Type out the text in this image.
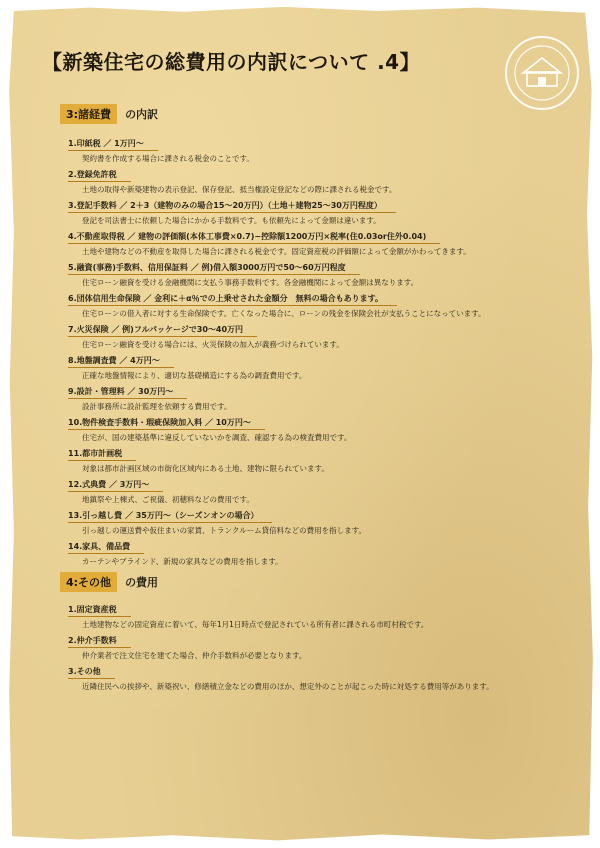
【新築住宅の総費用の内訳について .4】
3:諸経費	の内訳
1.印紙税 ／ 1万円〜
契約書を作成する場合に課される税金のことです。
2.登録免許税
土地の取得や新築建物の表示登記、保存登記、抵当権設定登記などの際に課される税金です。
3.登記手数料 ／ 2＋3（建物のみの場合15〜20万円）（土地＋建物25〜30万円程度）
登記を司法書士に依頼した場合にかかる手数料です。も依頼先によって金額は違います。
4.不動産取得税 ／ 建物の評価額(本体工事費×0.7)−控除額1200万円×税率(住0.03or住外0.04)
土地や建物などの不動産を取得した場合に課される税金です。固定資産税の評価額によって金額がかわってきます。
5.融資(事務)手数料、信用保証料 ／ 例)借入額3000万円で50〜60万円程度
住宅ローン融資を受ける金融機関に支払う事務手数料です。各金融機関によって金額は異なります。
6.団体信用生命保険 ／ 金利に＋α％での上乗せされた金額分　無料の場合もあります。
住宅ローンの借入者に対する生命保険です。亡くなった場合に、ローンの残金を保険会社が支払うことになっています。
7.火災保険 ／ 例)フルパッケージで30〜40万円
住宅ローン融資を受ける場合には、火災保険の加入が義務づけられています。
8.地盤調査費 ／ 4万円〜
正確な地盤情報により、適切な基礎構造にする為の調査費用です。
9.設計・管理料 ／ 30万円〜
設計事務所に設計監理を依頼する費用です。
10.物件検査手数料・瑕疵保険加入料 ／ 10万円〜
住宅が、国の建築基準に違反していないかを調査、確認する為の検査費用です。
11.都市計画税
対象は都市計画区域の市街化区域内にある土地、建物に限られています。
12.式典費 ／ 3万円〜
地鎮祭や上棟式、ご祝儀、初穂料などの費用です。
13.引っ越し費 ／ 35万円〜（シーズンオンの場合）
引っ越しの運送費や仮住まいの家賃、トランクルーム貸倍料などの費用を指します。
14.家具、備品費
カーテンやブラインド、新規の家具などの費用を指します。
4:その他	の費用
1.固定資産税
土地建物などの固定資産に着いて、毎年1月1日時点で登記されている所有者に課される市町村税です。
2.仲介手数料
仲介業者で注文住宅を建てた場合、仲介手数料が必要となります。
3.その他
近隣住民への挨拶や、新築祝い、修繕積立金などの費用のほか、想定外のことが起こった時に対処する費用等があります。
